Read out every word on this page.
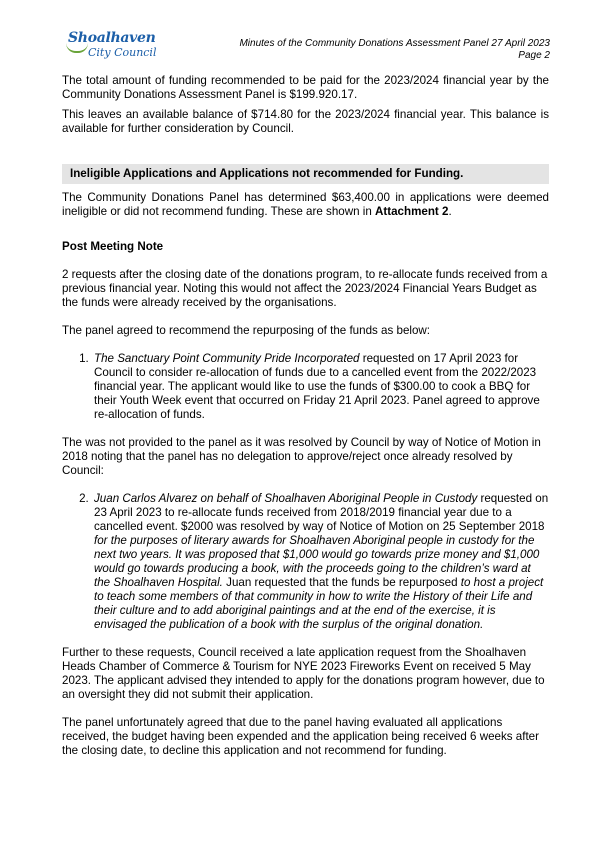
Shoalhaven
City Council
Minutes of the Community Donations Assessment Panel 27 April 2023
Page 2

The total amount of funding recommended to be paid for the 2023/2024 financial year by the Community Donations Assessment Panel is $199.920.17.

This leaves an available balance of $714.80 for the 2023/2024 financial year. This balance is available for further consideration by Council.

Ineligible Applications and Applications not recommended for Funding.

The Community Donations Panel has determined $63,400.00 in applications were deemed ineligible or did not recommend funding. These are shown in Attachment 2.

Post Meeting Note

2 requests after the closing date of the donations program, to re-allocate funds received from a previous financial year. Noting this would not affect the 2023/2024 Financial Years Budget as the funds were already received by the organisations.

The panel agreed to recommend the repurposing of the funds as below:

1. The Sanctuary Point Community Pride Incorporated requested on 17 April 2023 for Council to consider re-allocation of funds due to a cancelled event from the 2022/2023 financial year. The applicant would like to use the funds of $300.00 to cook a BBQ for their Youth Week event that occurred on Friday 21 April 2023. Panel agreed to approve re-allocation of funds.

The was not provided to the panel as it was resolved by Council by way of Notice of Motion in 2018 noting that the panel has no delegation to approve/reject once already resolved by Council:

2. Juan Carlos Alvarez on behalf of Shoalhaven Aboriginal People in Custody requested on 23 April 2023 to re-allocate funds received from 2018/2019 financial year due to a cancelled event. $2000 was resolved by way of Notice of Motion on 25 September 2018 for the purposes of literary awards for Shoalhaven Aboriginal people in custody for the next two years. It was proposed that $1,000 would go towards prize money and $1,000 would go towards producing a book, with the proceeds going to the children’s ward at the Shoalhaven Hospital. Juan requested that the funds be repurposed to host a project to teach some members of that community in how to write the History of their Life and their culture and to add aboriginal paintings and at the end of the exercise, it is envisaged the publication of a book with the surplus of the original donation.

Further to these requests, Council received a late application request from the Shoalhaven Heads Chamber of Commerce & Tourism for NYE 2023 Fireworks Event on received 5 May 2023. The applicant advised they intended to apply for the donations program however, due to an oversight they did not submit their application.

The panel unfortunately agreed that due to the panel having evaluated all applications received, the budget having been expended and the application being received 6 weeks after the closing date, to decline this application and not recommend for funding.
